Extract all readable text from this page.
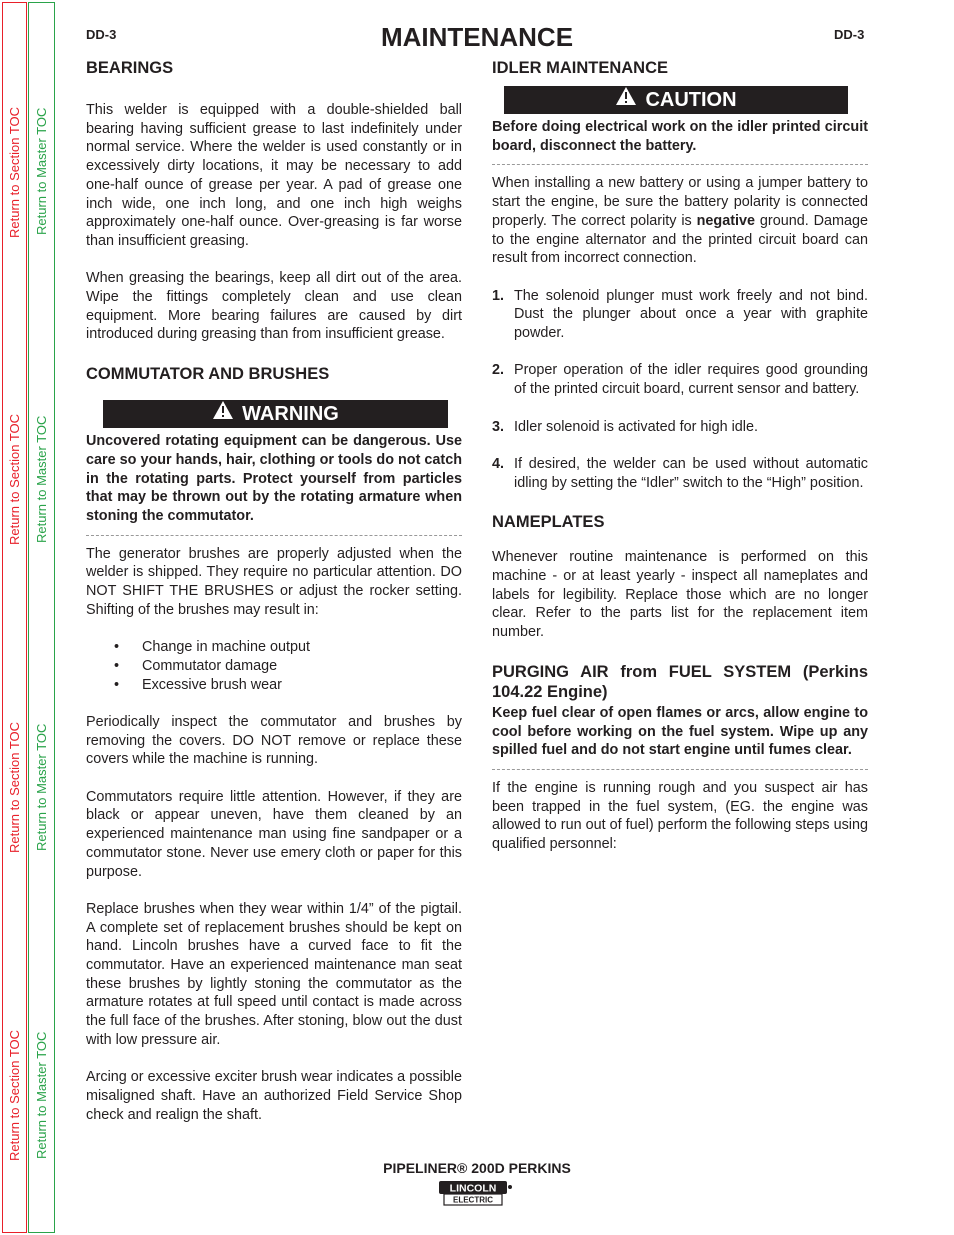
Return to Section TOC
Return to Section TOC
Return to Section TOC
Return to Section TOC
Return to Master TOC
Return to Master TOC
Return to Master TOC
Return to Master TOC
DD-3	MAINTENANCE	DD-3
BEARINGS

This welder is equipped with a double-shielded ball bearing having sufficient grease to last indefinitely under normal service. Where the welder is used constantly or in excessively dirty locations, it may be necessary to add one-half ounce of grease per year. A pad of grease one inch wide, one inch long, and one inch high weighs approximately one-half ounce. Over-greasing is far worse than insufficient greasing.

When greasing the bearings, keep all dirt out of the area. Wipe the fittings completely clean and use clean equipment. More bearing failures are caused by dirt introduced during greasing than from insufficient grease.

COMMUTATOR AND BRUSHES
WARNING

Uncovered rotating equipment can be dangerous. Use care so your hands, hair, clothing or tools do not catch in the rotating parts. Protect yourself from particles that may be thrown out by the rotating armature when stoning the commutator.

The generator brushes are properly adjusted when the welder is shipped. They require no particular attention. DO NOT SHIFT THE BRUSHES or adjust the rocker setting. Shifting of the brushes may result in:

•	Change in machine output
•	Commutator damage
•	Excessive brush wear

Periodically inspect the commutator and brushes by removing the covers. DO NOT remove or replace these covers while the machine is running.

Commutators require little attention. However, if they are black or appear uneven, have them cleaned by an experienced maintenance man using fine sandpaper or a commutator stone. Never use emery cloth or paper for this purpose.

Replace brushes when they wear within 1/4” of the pigtail. A complete set of replacement brushes should be kept on hand. Lincoln brushes have a curved face to fit the commutator. Have an experienced maintenance man seat these brushes by lightly stoning the commutator as the armature rotates at full speed until contact is made across the full face of the brushes. After stoning, blow out the dust with low pressure air.

Arcing or excessive exciter brush wear indicates a possible misaligned shaft. Have an authorized Field Service Shop check and realign the shaft.

IDLER MAINTENANCE
CAUTION

Before doing electrical work on the idler printed circuit board, disconnect the battery.

When installing a new battery or using a jumper battery to start the engine, be sure the battery polarity is connected properly. The correct polarity is negative ground. Damage to the engine alternator and the printed circuit board can result from incorrect connection.

1. The solenoid plunger must work freely and not bind. Dust the plunger about once a year with graphite powder.

2. Proper operation of the idler requires good grounding of the printed circuit board, current sensor and battery.

3. Idler solenoid is activated for high idle.

4. If desired, the welder can be used without automatic idling by setting the “Idler” switch to the “High” position.

NAMEPLATES

Whenever routine maintenance is performed on this machine - or at least yearly - inspect all nameplates and labels for legibility. Replace those which are no longer clear. Refer to the parts list for the replacement item number.

PURGING AIR from FUEL SYSTEM (Perkins 104.22 Engine)

Keep fuel clear of open flames or arcs, allow engine to cool before working on the fuel system. Wipe up any spilled fuel and do not start engine until fumes clear.

If the engine is running rough and you suspect air has been trapped in the fuel system, (EG. the engine was allowed to run out of fuel) perform the following steps using qualified personnel:

PIPELINER® 200D PERKINS
LINCOLN
ELECTRIC
